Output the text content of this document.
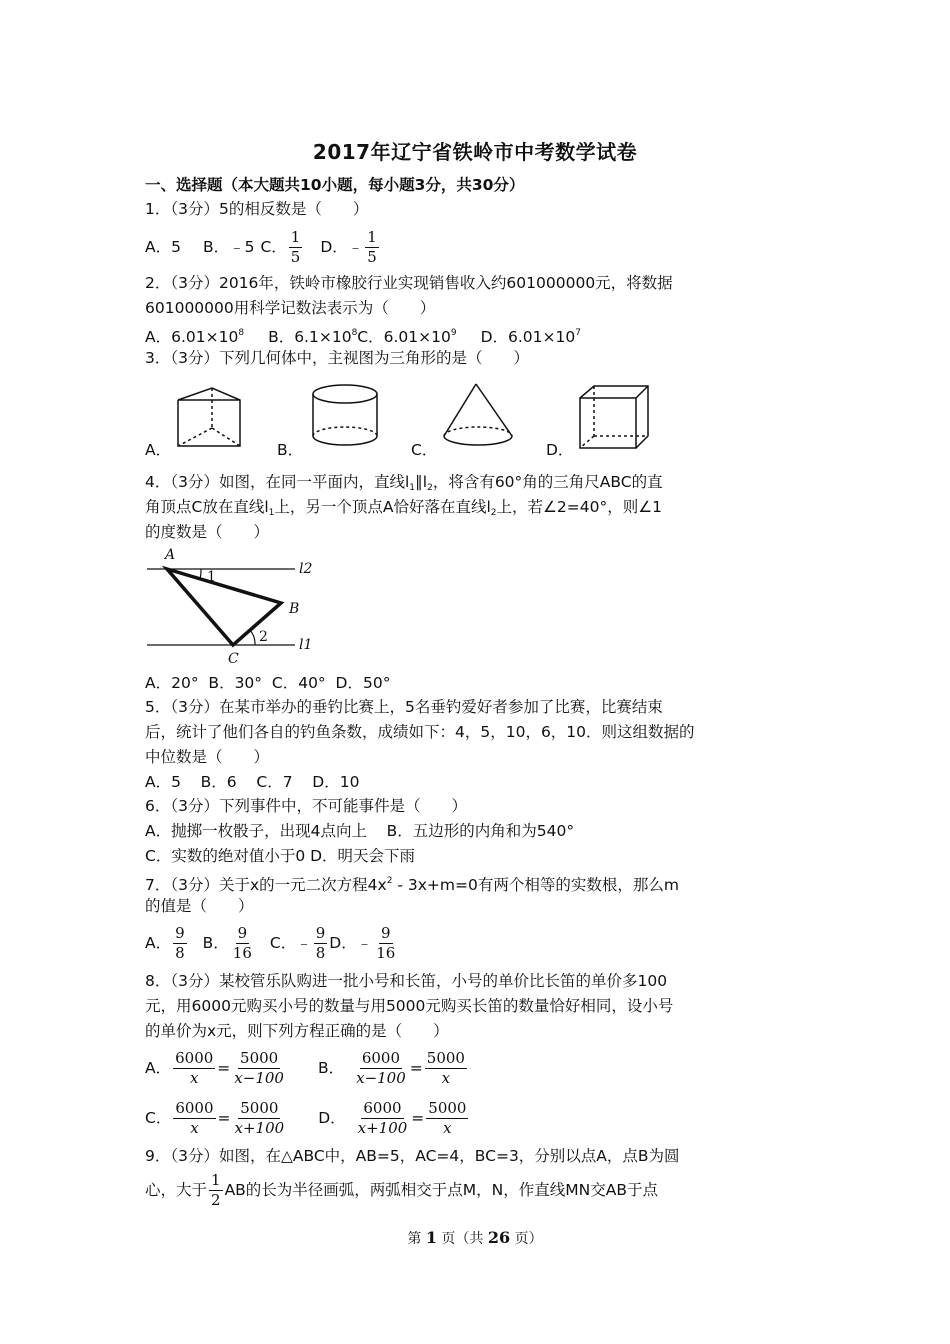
2017年辽宁省铁岭市中考数学试卷
一、选择题（本大题共10小题，每小题3分，共30分）
1．（3分）5的相反数是（　　）
A．5 B．﹣5 C． $\frac{1}{5}$ D．﹣ $\frac{1}{5}$
2．（3分）2016年，铁岭市橡胶行业实现销售收入约601000000元，将数据
601000000用科学记数法表示为（　　）
A．$6.01\times 10^8$ B．$6.1\times 10^8C$．$6.01\times 10^9$ D．$6.01\times 10^7$
3．（3分）下列几何体中，主视图为三角形的是（　　）
A．	B．	C．	D．
4．（3分）如图，在同一平面内，直线$l_1\parallel l_2$，将含有60°角的三角尺ABC的直
角顶点C放在直线$l_1$上，另一个顶点A恰好落在直线$l_2$上，若∠2=40°，则∠1
的度数是（　　）
A
B
C
l2
l1
1
2
A．20°  B．30°  C．40°  D．50°
5．（3分）在某市举办的垂钓比赛上，5名垂钓爱好者参加了比赛，比赛结束
后，统计了他们各自的钓鱼条数，成绩如下：4，5，10，6，10．则这组数据的
中位数是（　　）
A．5    B．6    C．7    D．10
6．（3分）下列事件中，不可能事件是（　　）
A．抛掷一枚骰子，出现4点向上    B．五边形的内角和为540°
C．实数的绝对值小于0 D．明天会下雨
7．（3分）关于x的一元二次方程$4x^2 - 3x+m=0$有两个相等的实数根，那么m
的值是（　　）
A． $\frac{9}{8}$ B． $\frac{9}{16}$ C．﹣ $\frac{9}{8}$ D．﹣ $\frac{9}{16}$
8．（3分）某校管乐队购进一批小号和长笛，小号的单价比长笛的单价多100
元，用6000元购买小号的数量与用5000元购买长笛的数量恰好相同，设小号
的单价为x元，则下列方程正确的是（　　）
A． $\frac{6000}{x} = \frac{5000}{x-100}$ B． $\frac{6000}{x-100} = \frac{5000}{x}$
C． $\frac{6000}{x} = \frac{5000}{x+100}$ D． $\frac{6000}{x+100} = \frac{5000}{x}$
9．（3分）如图，在△ABC中，AB=5，AC=4，BC=3，分别以点A，点B为圆
心，大于 $\frac{1}{2}$ AB的长为半径画弧，两弧相交于点M，N，作直线MN交AB于点
第 1 页（共 26 页）
